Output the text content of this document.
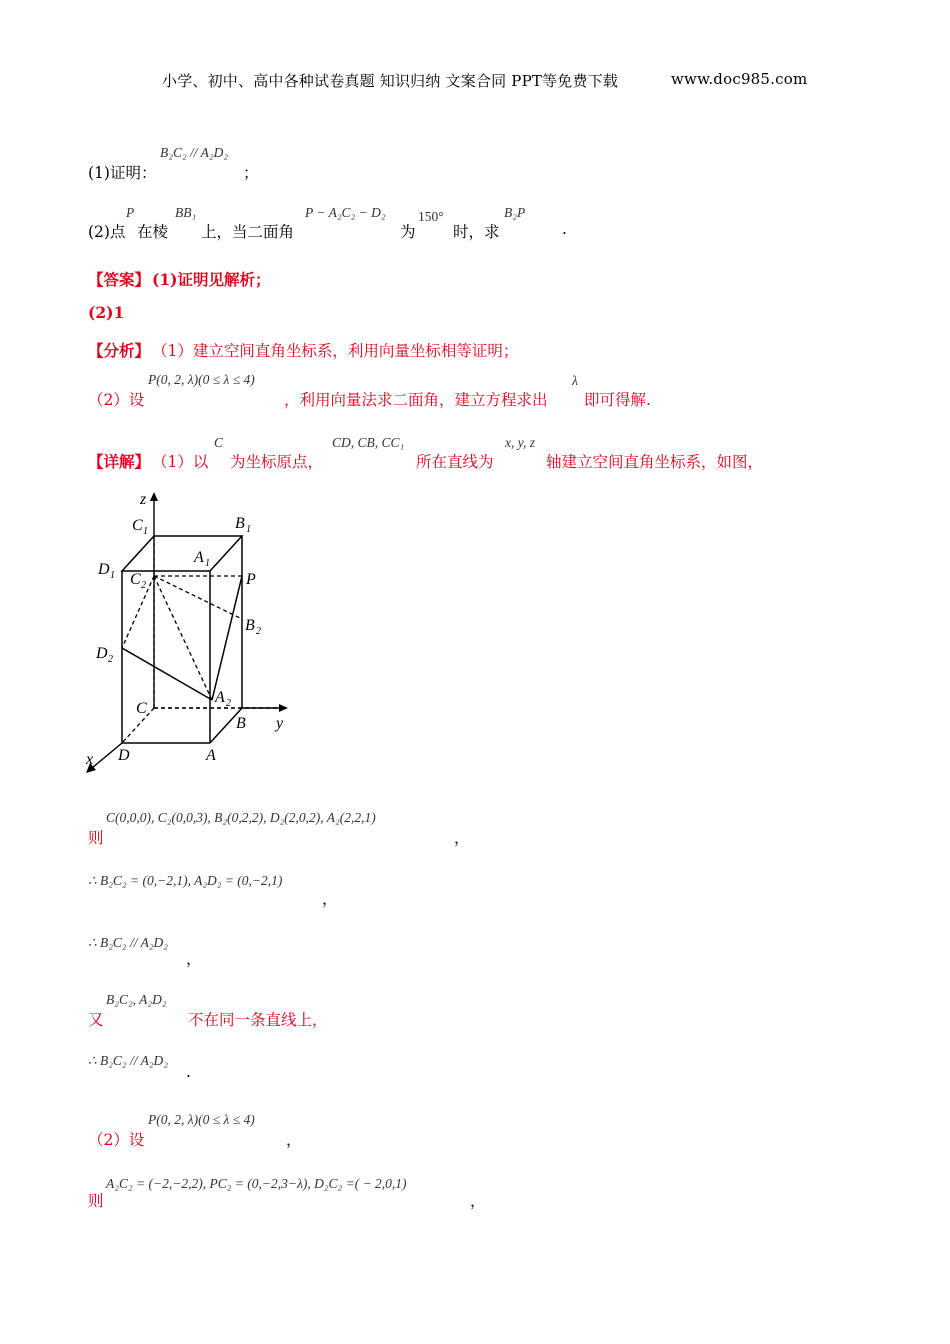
小学、初中、高中各种试卷真题 知识归纳 文案合同 PPT等免费下载	www.doc985.com
(1)证明：
B₂C₂ // A₂D₂
；
(2)点
P
在棱
BB₁
上，当二面角
P − A₂C₂ − D₂
为
150°
时，求
B₂P
.
【答案】 (1)证明见解析；
(2)1
【分析】 （1）建立空间直角坐标系，利用向量坐标相等证明；
（2）设
P(0, 2, λ)(0 ≤ λ ≤ 4)
，利用向量法求二面角，建立方程求出
λ
即可得解.
【详解】 （1）以
C
为坐标原点，
CD, CB, CC₁
所在直线为
x, y, z
轴建立空间直角坐标系，如图，
z
C 1	B 1
A 1
D 1 C 2	P
B 2
D 2
C
A 2
B y
x D	A
则
C(0,0,0), C₂(0,0,3), B₂(0,2,2), D₂(2,0,2), A₂(2,2,1)
，
∴ B₂C₂ = (0,−2,1), A₂D₂ = (0,−2,1)
，
∴ B₂C₂ // A₂D₂
，
又
B₂C₂, A₂D₂
不在同一条直线上，
∴ B₂C₂ // A₂D₂
.
（2）设
P(0, 2, λ)(0 ≤ λ ≤ 4)
，
则
A₂C₂ = (−2,−2,2), PC₂ = (0,−2,3−λ), D₂C₂ =( − 2,0,1)
，
